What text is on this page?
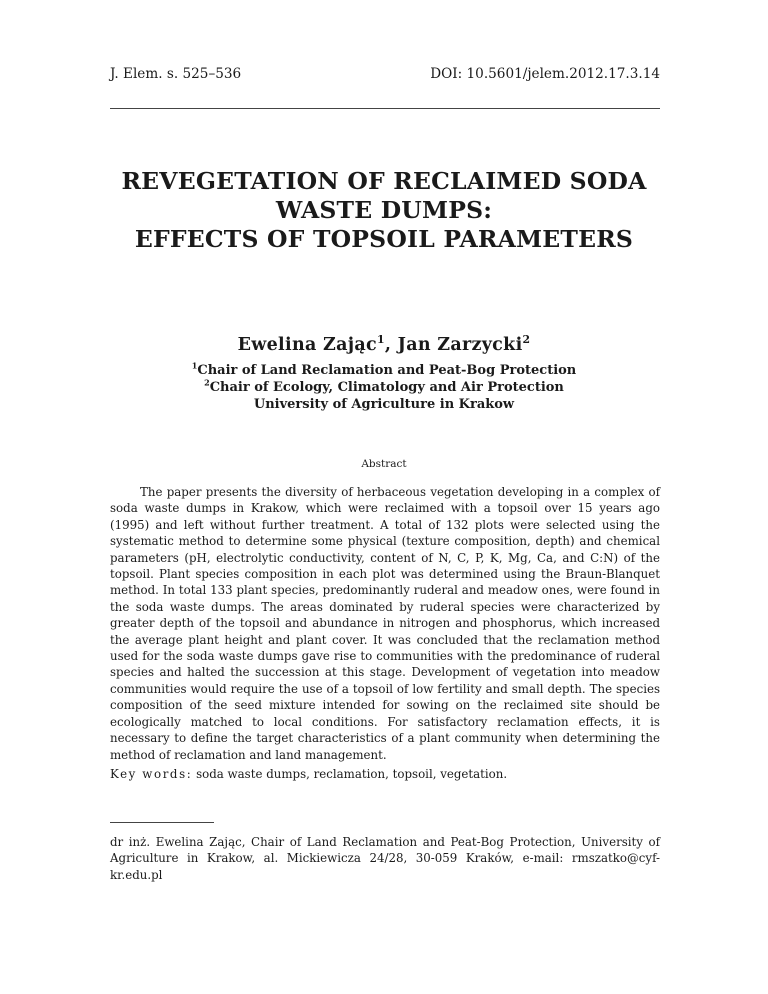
J. Elem. s. 525–536	DOI: 10.5601/jelem.2012.17.3.14
REVEGETATION OF RECLAIMED SODA
WASTE DUMPS:
EFFECTS OF TOPSOIL PARAMETERS
Ewelina Zając$^1$, Jan Zarzycki$^2$
$^1$Chair of Land Reclamation and Peat-Bog Protection
$^2$Chair of Ecology, Climatology and Air Protection
University of Agriculture in Krakow
Abstract

The paper presents the diversity of herbaceous vegetation developing in a complex of soda waste dumps in Krakow, which were reclaimed with a topsoil over 15 years ago (1995) and left without further treatment. A total of 132 plots were selected using the systematic method to determine some physical (texture composition, depth) and chemical parameters (pH, electrolytic conductivity, content of N, C, P, K, Mg, Ca, and C:N) of the topsoil. Plant species composition in each plot was determined using the Braun-Blanquet method. In total 133 plant species, predominantly ruderal and meadow ones, were found in the soda waste dumps. The areas dominated by ruderal species were characterized by greater depth of the topsoil and abundance in nitrogen and phosphorus, which increased the average plant height and plant cover. It was concluded that the reclamation method used for the soda waste dumps gave rise to communities with the predominance of ruderal species and halted the succession at this stage. Development of vegetation into meadow communities would require the use of a topsoil of low fertility and small depth. The species composition of the seed mixture intended for sowing on the reclaimed site should be ecologically matched to local conditions. For satisfactory reclamation effects, it is necessary to define the target characteristics of a plant community when determining the method of reclamation and land management.

Key words: soda waste dumps, reclamation, topsoil, vegetation.

dr inż. Ewelina Zając, Chair of Land Reclamation and Peat-Bog Protection, University of Agriculture in Krakow, al. Mickiewicza 24/28, 30-059 Kraków, e-mail: rmszatko@cyf-kr.edu.pl
